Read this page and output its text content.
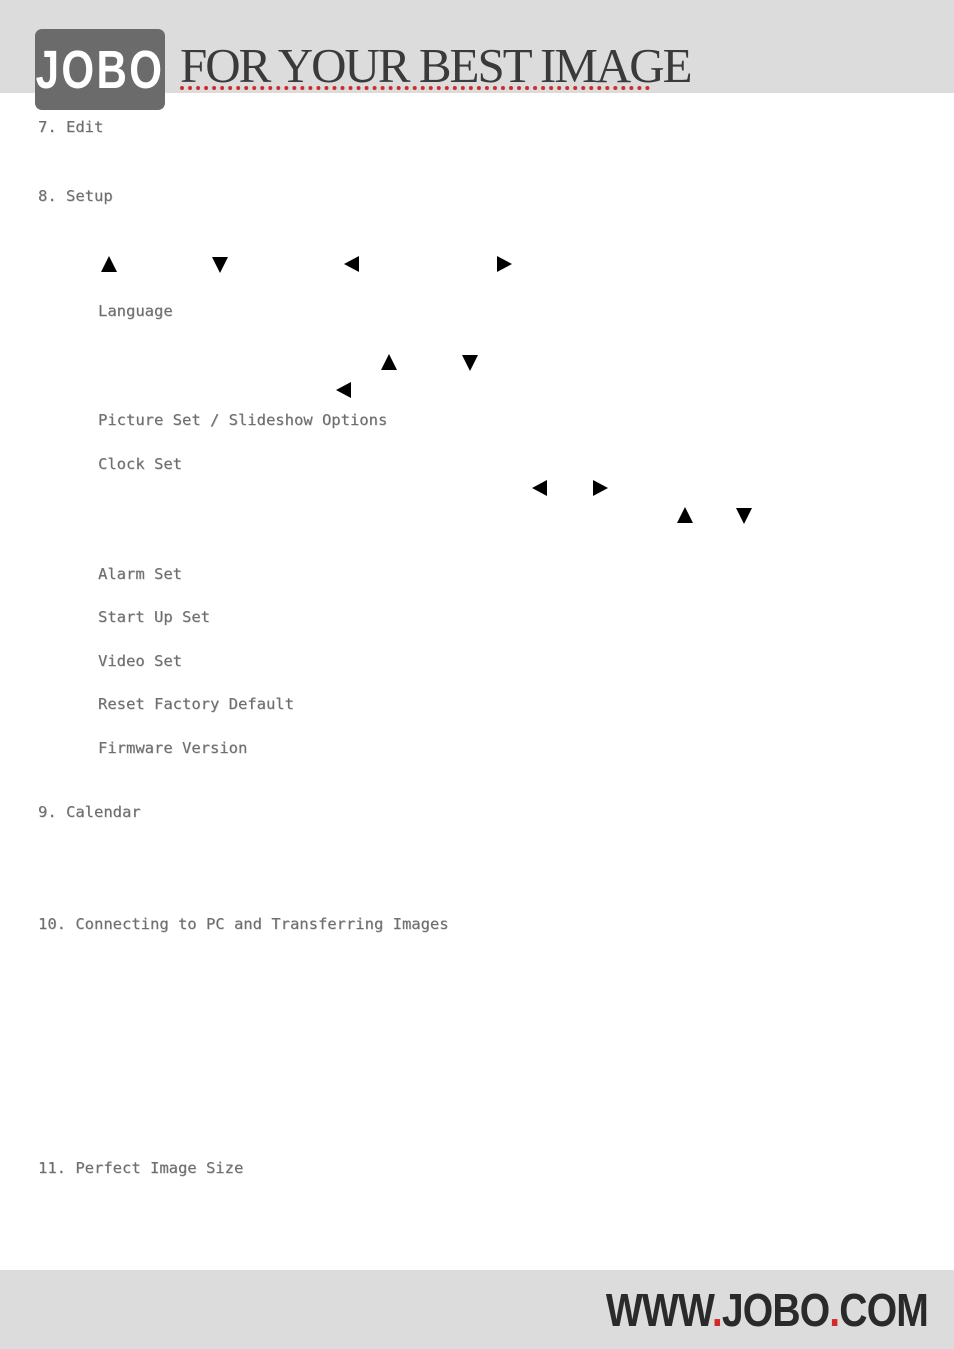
JOBO FOR YOUR BEST IMAGE
7. Edit
8. Setup
Language
Picture Set / Slideshow Options
Clock Set
Alarm Set
Start Up Set
Video Set
Reset Factory Default
Firmware Version
9. Calendar
10. Connecting to PC and Transferring Images
11. Perfect Image Size
WWW.JOBO.COM
